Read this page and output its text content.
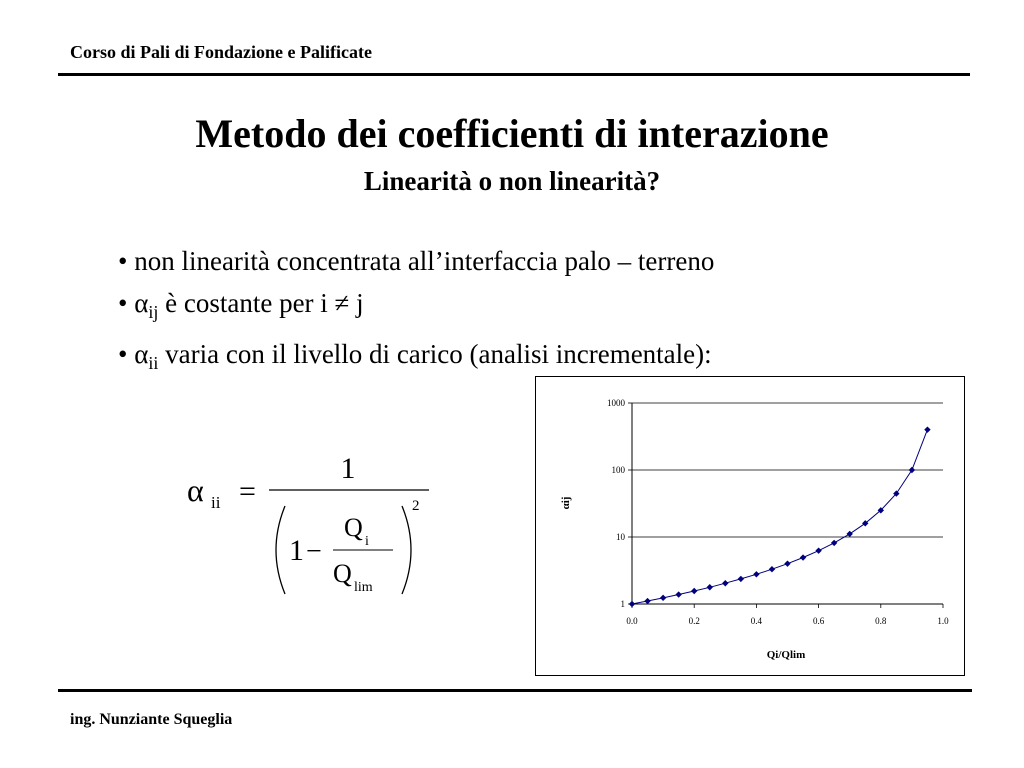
Corso di Pali di Fondazione e Palificate
Metodo dei coefficienti di interazione
Linearità o non linearità?
• non linearità concentrata all’interfaccia palo – terreno
• $\alpha_{ij}$ è costante per i ≠ j
• $\alpha_{ii}$ varia con il livello di carico (analisi incrementale):
α ii =
1
1 −
Q i
Q lim
2
1
10
100
1000
0.0	0.2	0.4	0.6	0.8	1.0
Qi/Qlim
αij
ing. Nunziante Squeglia
